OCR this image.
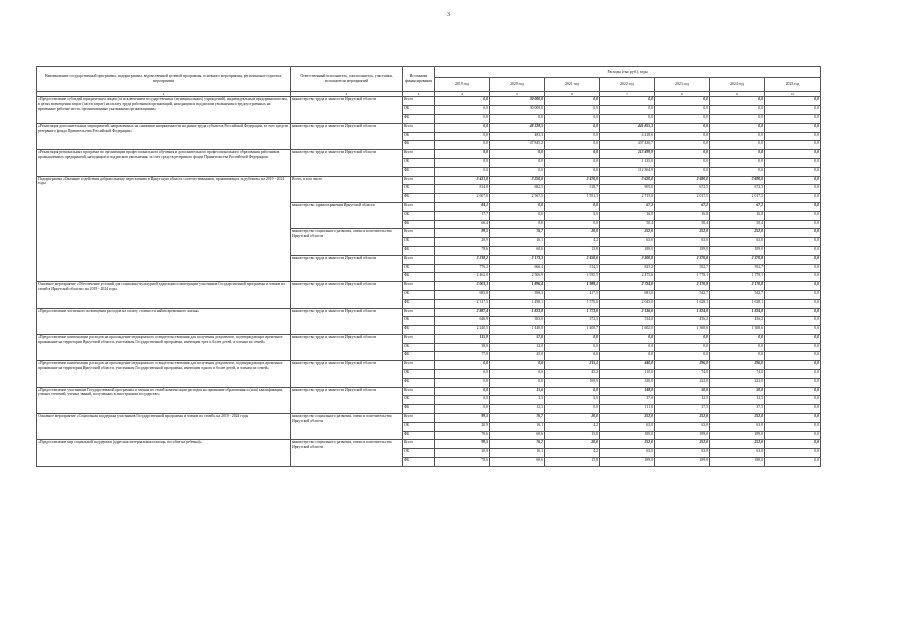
3
Наименование государственной программы, подпрограммы, ведомственной целевой программы, основного мероприятия, регионального проекта, мероприятия	Ответственный исполнитель, соисполнитель, участники, исполнители мероприятий	Источники финансирования	Расходы (тыс.руб.), годы						
			2019 год	2020 год	2021 год	2022 год	2023 год	2024 год	2025 год
1	2	3	4	5	6	7	8	9	10
«Предоставление субсидий юридическим лицам (за исключением государственных (муниципальных) учреждений), индивидуальным предпринимателям, в целях возмещения затрат (части затрат) на оплату труда работников организаций, находящихся под риском увольнения и трудоустроенных на временные рабочие места, организованные указанными организациями»	министерство труда и занятости Иркутской области	Всего	0,0	30 000,0	0,0	0,0	0,0	0,0	0,0
		ОБ	0,0	30 000,0	0,0	0,0	0,0	0,0	0,0
		ФБ	0,0	0,0	0,0	0,0	0,0	0,0	0,0
«Реализация дополнительных мероприятий, направленных на снижение напряженности на рынке труда субъектов Российской Федерации, за счет средств резервного фонда Правительства Российской Федерации»	министерство труда и занятости Иркутской области	Всего	0,0	48 328,5	0,0	441 855,3	0,0	0,0	0,0
		ОБ	0,0	483,3	0,0	4 418,6	0,0	0,0	0,0
		ФБ	0,0	47 845,2	0,0	437 436,7	0,0	0,0	0,0
«Реализация региональных программ по организации профессионального обучения и дополнительного профессионального образования работников промышленных предприятий, находящихся под риском увольнения, за счет средств резервного фонда Правительства Российской Федерации»	министерство труда и занятости Иркутской области	Всего	0,0	0,0	0,0	113 499,9	0,0	0,0	0,0
		ОБ	0,0	0,0	0,0	1 135,0	0,0	0,0	0,0
		ФБ	0,0	0,0	0,0	112 364,9	0,0	0,0	0,0
Подпрограмма «Оказание содействия добровольному переселению в Иркутскую область соотечественников, проживающих за рубежом» на 2019 - 2024 годы	Всего, в том числе	Всего	3 421,8	3 250,0	2 470,0	3 620,0	2 690,0	2 690,0	0,0
		ОБ	814,8	682,5	518,7	905,0	672,5	672,5	0,0
		ФБ	2 607,0	2 567,5	1 951,3	2 715,0	2 017,5	2 017,5	0,0
	министерство здравоохранения Иркутской области	Всего	84,1	0,0	0,0	67,2	67,2	67,2	0,0
		ОБ	17,7	0,0	0,0	16,8	16,8	16,8	0,0
		ФБ	66,4	0,0	0,0	50,4	50,4	50,4	0,0
	министерство социального развития, опеки и попечительства Иркутской области	Всего	99,5	76,7	20,0	252,0	252,0	252,0	0,0
		ОБ	20,9	16,1	4,2	63,0	63,0	63,0	0,0
		ФБ	78,6	60,6	15,8	189,0	189,0	189,0	0,0
	министерство труда и занятости Иркутской области	Всего	3 238,2	3 173,3	2 450,0	3 300,8	2 370,8	2 370,8	0,0
		ОБ	776,2	666,4	514,5	825,2	592,7	592,7	0,0
		ФБ	2 462,0	2 506,9	1 935,5	2 475,6	1 778,1	1 778,1	0,0
Основное мероприятие «Обеспечение условий для социально-культурной адаптации и интеграции участников Государственной программы и членов их семей в Иркутской области» на 2019 - 2024 годы	министерство труда и занятости Иркутской области	Всего	3 003,3	1 896,4	1 988,1	2 724,0	2 170,8	2 170,8	0,0
		ОБ	685,8	398,3	417,5	681,0	542,7	542,7	0,0
		ФБ	2 317,5	1 498,1	1 570,6	2 043,0	1 628,1	1 628,1	0,0
«Предоставление частичного возмещения расходов на оплату стоимости найма временного жилья»	министерство труда и занятости Иркутской области	Всего	2 887,4	1 823,8	1 773,0	2 136,0	1 824,8	1 824,8	0,0
		ОБ	646,9	383,0	372,3	534,0	456,2	456,2	0,0
		ФБ	2 240,5	1 440,8	1 400,7	1 602,0	1 368,6	1 368,6	0,0
«Предоставление компенсации расходов на прохождение медицинского освидетельствования для получения документов, подтверждающих временное проживание на территории Иркутской области, участникам Государственной программы, имеющим трех и более детей, и членам их семей»	министерство труда и занятости Иркутской области	Всего	115,9	57,0	0,0	0,0	0,0	0,0	0,0
		ОБ	38,9	12,0	0,0	0,0	0,0	0,0	0,0
		ФБ	77,0	45,0	0,0	0,0	0,0	0,0	0,0
«Предоставление компенсации расходов на прохождение медицинского освидетельствования для получения документов, подтверждающих временное проживание на территории Иркутской области, участникам Государственной программы, имеющим одного и более детей, и членам их семей»	министерство труда и занятости Иркутской области	Всего	0,0	0,0	215,1	440,0	296,0	296,0	0,0
		ОБ	0,0	0,0	45,2	110,0	74,0	74,0	0,0
		ФБ	0,0	0,0	169,9	330,0	222,0	222,0	0,0
«Предоставление участникам Государственной программы и членам их семей компенсации расходов на признание образования и (или) квалификации, ученых степеней, ученых званий, полученных в иностранном государстве»	министерство труда и занятости Иркутской области	Всего	0,0	15,6	0,0	148,0	50,0	50,0	0,0
		ОБ	0,0	3,3	0,0	37,0	12,5	12,5	0,0
		ФБ	0,0	12,3	0,0	111,0	37,5	37,5	0,0
Основное мероприятие «Социальная поддержка участников Государственной программы и членов их семей» на 2019 - 2024 годы	министерство социального развития, опеки и попечительства Иркутской области	Всего	99,5	76,7	20,0	252,0	252,0	252,0	0,0
		ОБ	20,9	16,1	4,2	63,0	63,0	63,0	0,0
		ФБ	78,6	60,6	15,8	189,0	189,0	189,0	0,0
«Предоставление мер социальной поддержки (адресная материальная помощь, пособие на ребенка)»	министерство социального развития, опеки и попечительства Иркутской области	Всего	99,5	76,7	20,0	252,0	252,0	252,0	0,0
		ОБ	20,9	16,1	4,2	63,0	63,0	63,0	0,0
		ФБ	78,6	60,6	15,8	189,0	189,0	189,0	0,0
